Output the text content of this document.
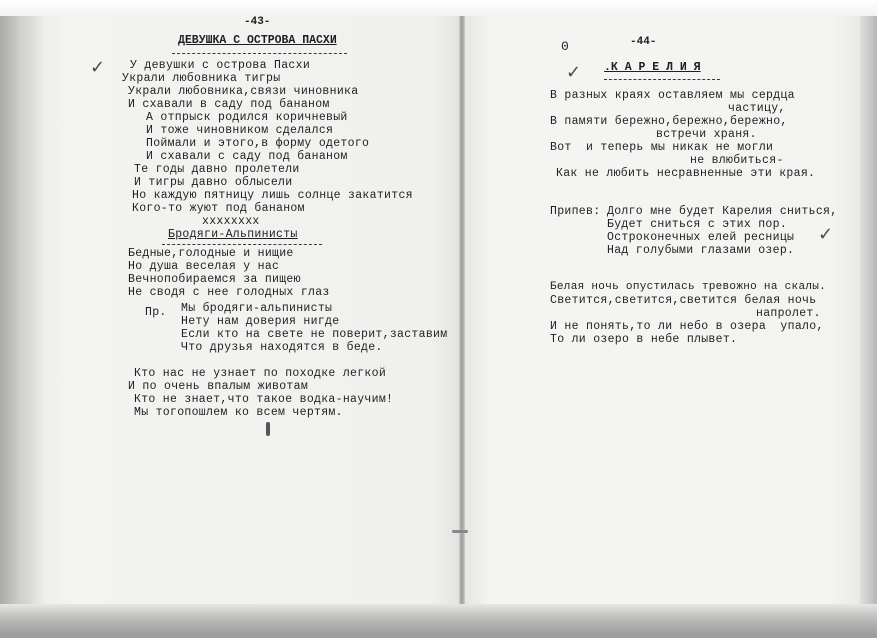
-43-
ДЕВУШКА С ОСТРОВА ПАСХИ
✓ У девушки с острова Пасхи
Украли любовника тигры
Украли любовника,связи чиновника
И схавали в саду под бананом
А отпрыск родился коричневый
И тоже чиновником сделался
Поймали и этого,в форму одетого
И схавали с саду под бананом
Те годы давно пролетели
И тигры давно облысели
Но каждую пятницу лишь солнце закатится
Кого-то жуют под бананом
xxxxxxxx
Бродяги-Альпинисты
Бедные,голодные и нищие
Но душа веселая у нас
Вечнопобираемся за пищею
Не сводя с нее голодных глаз
Пр. Мы бродяги-альпинисты
Нету нам доверия нигде
Если кто на свете не поверит,заставим
Что друзья находятся в беде.
Кто нас не узнает по походке легкой
И по очень впалым животам
Кто не знает,что такое водка-научим!
Мы тогопошлем ко всем чертям.
0	-44-
✓ .К А Р Е Л И Я
В разных краях оставляем мы сердца
частицу,
В памяти бережно,бережно,бережно,
встречи храня.
Вот  и теперь мы никак не могли
не влюбиться-
Как не любить несравненные эти края.
Припев: Долго мне будет Карелия сниться,
Будет сниться с этих пор.
Остроконечных елей ресницы
Над голубыми глазами озер.
✓
Белая ночь опустилась тревожно на скалы.
Светится,светится,светится белая ночь
напролет.
И не понять,то ли небо в озера  упало,
То ли озеро в небе плывет.
